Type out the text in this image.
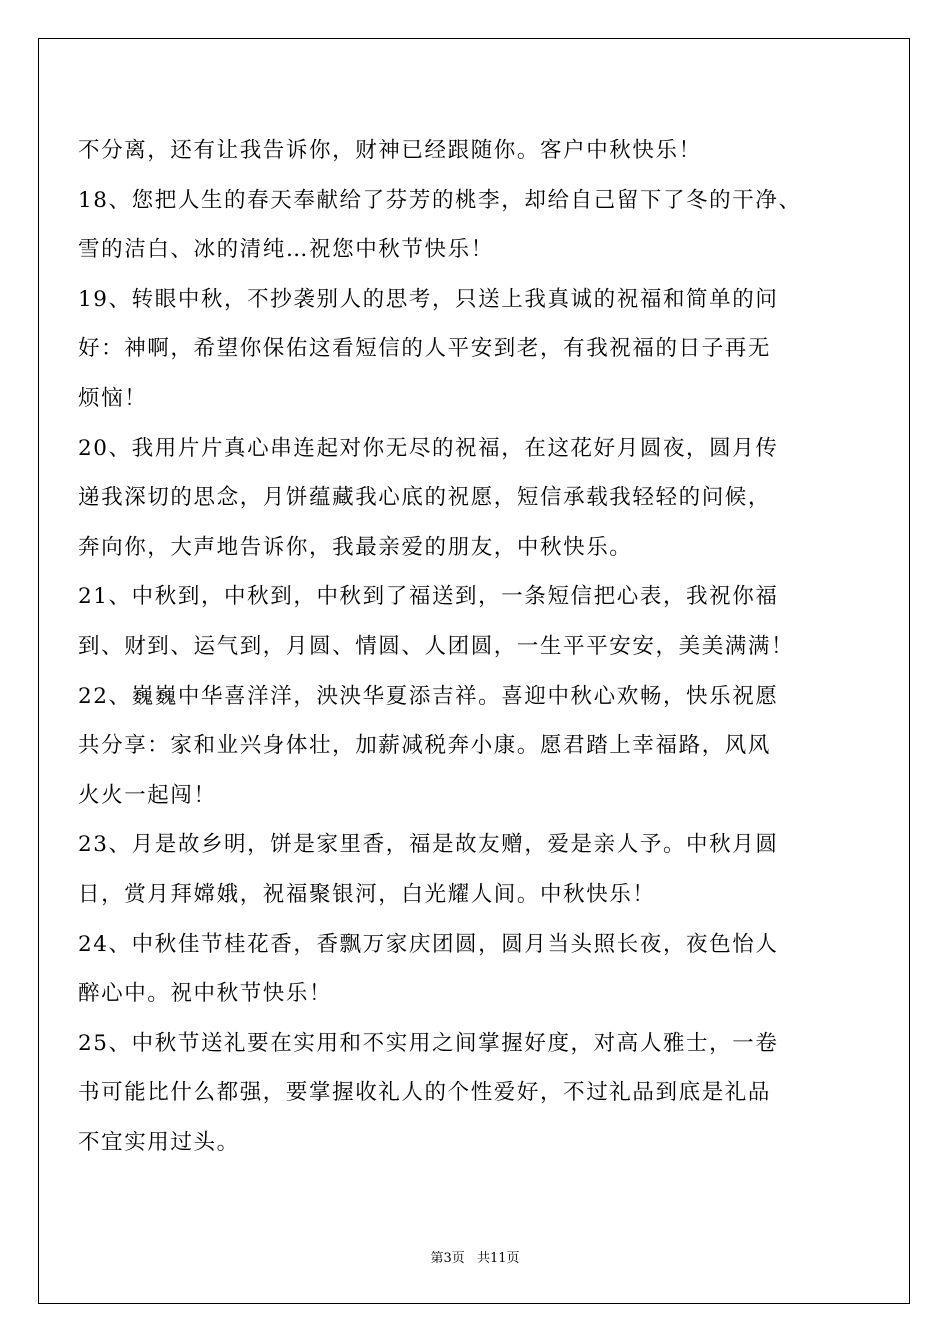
不分离，还有让我告诉你，财神已经跟随你。客户中秋快乐！
18、您把人生的春天奉献给了芬芳的桃李，却给自己留下了冬的干净、
雪的洁白、冰的清纯…祝您中秋节快乐！
19、转眼中秋，不抄袭别人的思考，只送上我真诚的祝福和简单的问
好：神啊，希望你保佑这看短信的人平安到老，有我祝福的日子再无
烦恼！
20、我用片片真心串连起对你无尽的祝福，在这花好月圆夜，圆月传
递我深切的思念，月饼蕴藏我心底的祝愿，短信承载我轻轻的问候，
奔向你，大声地告诉你，我最亲爱的朋友，中秋快乐。
21、中秋到，中秋到，中秋到了福送到，一条短信把心表，我祝你福
到、财到、运气到，月圆、情圆、人团圆，一生平平安安，美美满满！
22、巍巍中华喜洋洋，泱泱华夏添吉祥。喜迎中秋心欢畅，快乐祝愿
共分享：家和业兴身体壮，加薪减税奔小康。愿君踏上幸福路，风风
火火一起闯！
23、月是故乡明，饼是家里香，福是故友赠，爱是亲人予。中秋月圆
日，赏月拜嫦娥，祝福聚银河，白光耀人间。中秋快乐！
24、中秋佳节桂花香，香飘万家庆团圆，圆月当头照长夜，夜色怡人
醉心中。祝中秋节快乐！
25、中秋节送礼要在实用和不实用之间掌握好度，对高人雅士，一卷
书可能比什么都强，要掌握收礼人的个性爱好，不过礼品到底是礼品
不宜实用过头。
第3页 共11页
